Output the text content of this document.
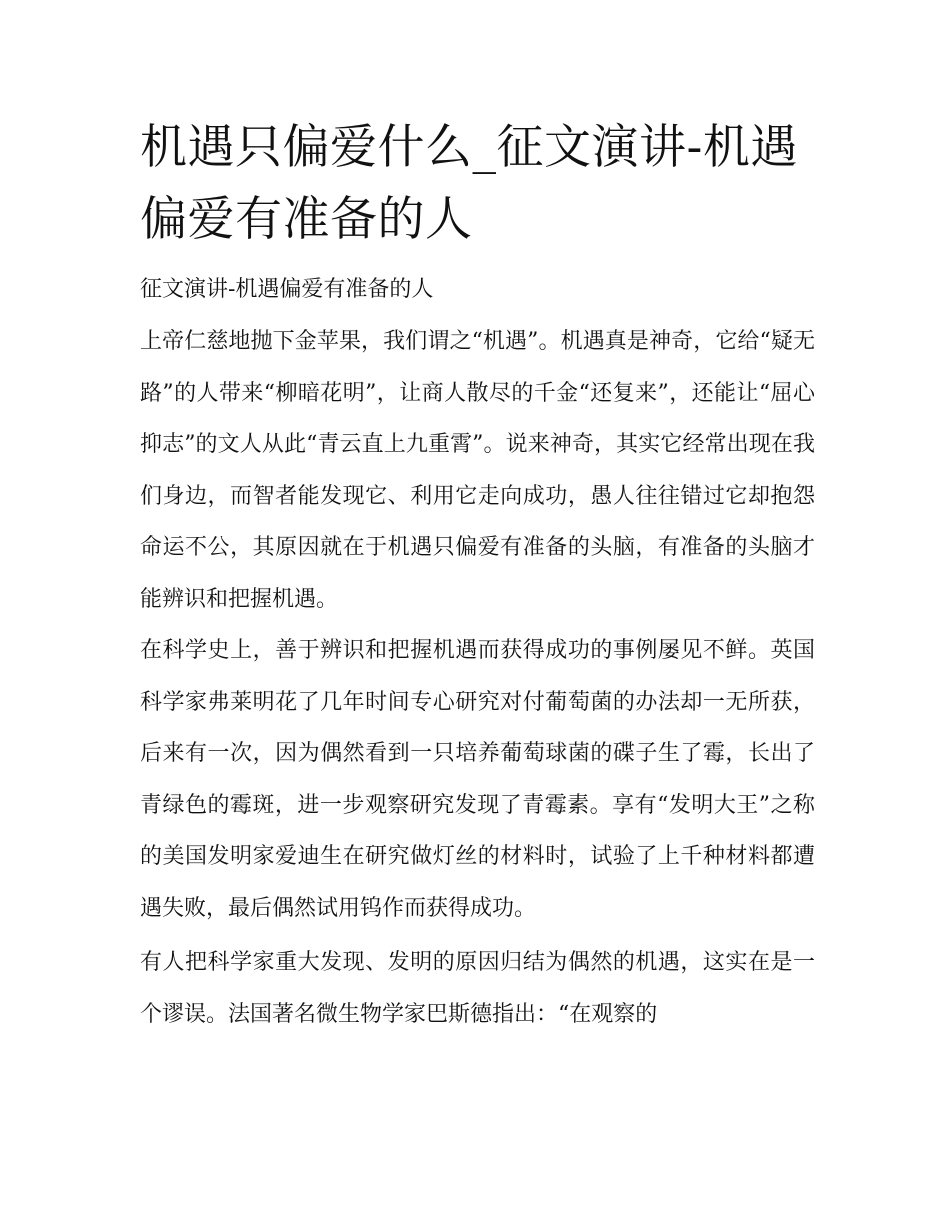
机遇只偏爱什么_征文演讲-机遇偏爱有准备的人

征文演讲-机遇偏爱有准备的人

上帝仁慈地抛下金苹果，我们谓之“机遇”。机遇真是神奇，它给“疑无路”的人带来“柳暗花明”，让商人散尽的千金“还复来”，还能让“屈心抑志”的文人从此“青云直上九重霄”。说来神奇，其实它经常出现在我们身边，而智者能发现它、利用它走向成功，愚人往往错过它却抱怨命运不公，其原因就在于机遇只偏爱有准备的头脑，有准备的头脑才能辨识和把握机遇。

在科学史上，善于辨识和把握机遇而获得成功的事例屡见不鲜。英国科学家弗莱明花了几年时间专心研究对付葡萄菌的办法却一无所获，后来有一次，因为偶然看到一只培养葡萄球菌的碟子生了霉，长出了青绿色的霉斑，进一步观察研究发现了青霉素。享有“发明大王”之称的美国发明家爱迪生在研究做灯丝的材料时，试验了上千种材料都遭遇失败，最后偶然试用钨作而获得成功。

有人把科学家重大发现、发明的原因归结为偶然的机遇，这实在是一个谬误。法国著名微生物学家巴斯德指出：“在观察的
